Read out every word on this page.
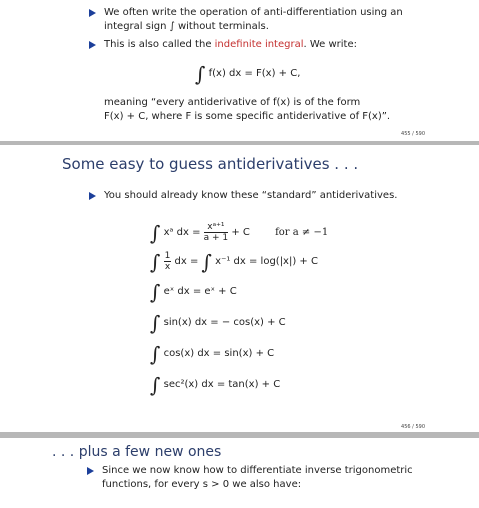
We often write the operation of anti-differentiation using an
integral sign ∫ without terminals.
This is also called the indefinite integral. We write:
∫ f(x) dx = F(x) + C,
meaning “every antiderivative of f(x) is of the form
F(x) + C, where F is some specific antiderivative of F(x)”.
455 / 590
Some easy to guess antiderivatives . . .
You should already know these “standard” antiderivatives.
∫ xᵃ dx = $\frac{\text{xᵃ⁺¹}}{a + 1} + C$	for a ≠ −1
∫ $\frac{1}{x}$ dx = ∫ x⁻¹ dx = log(|x|) + C
∫ eˣ dx = eˣ + C
∫ sin(x) dx = − cos(x) + C
∫ cos(x) dx = sin(x) + C
∫ sec²(x) dx = tan(x) + C
456 / 590
. . . plus a few new ones
Since we now know how to differentiate inverse trigonometric
functions, for every s > 0 we also have:
